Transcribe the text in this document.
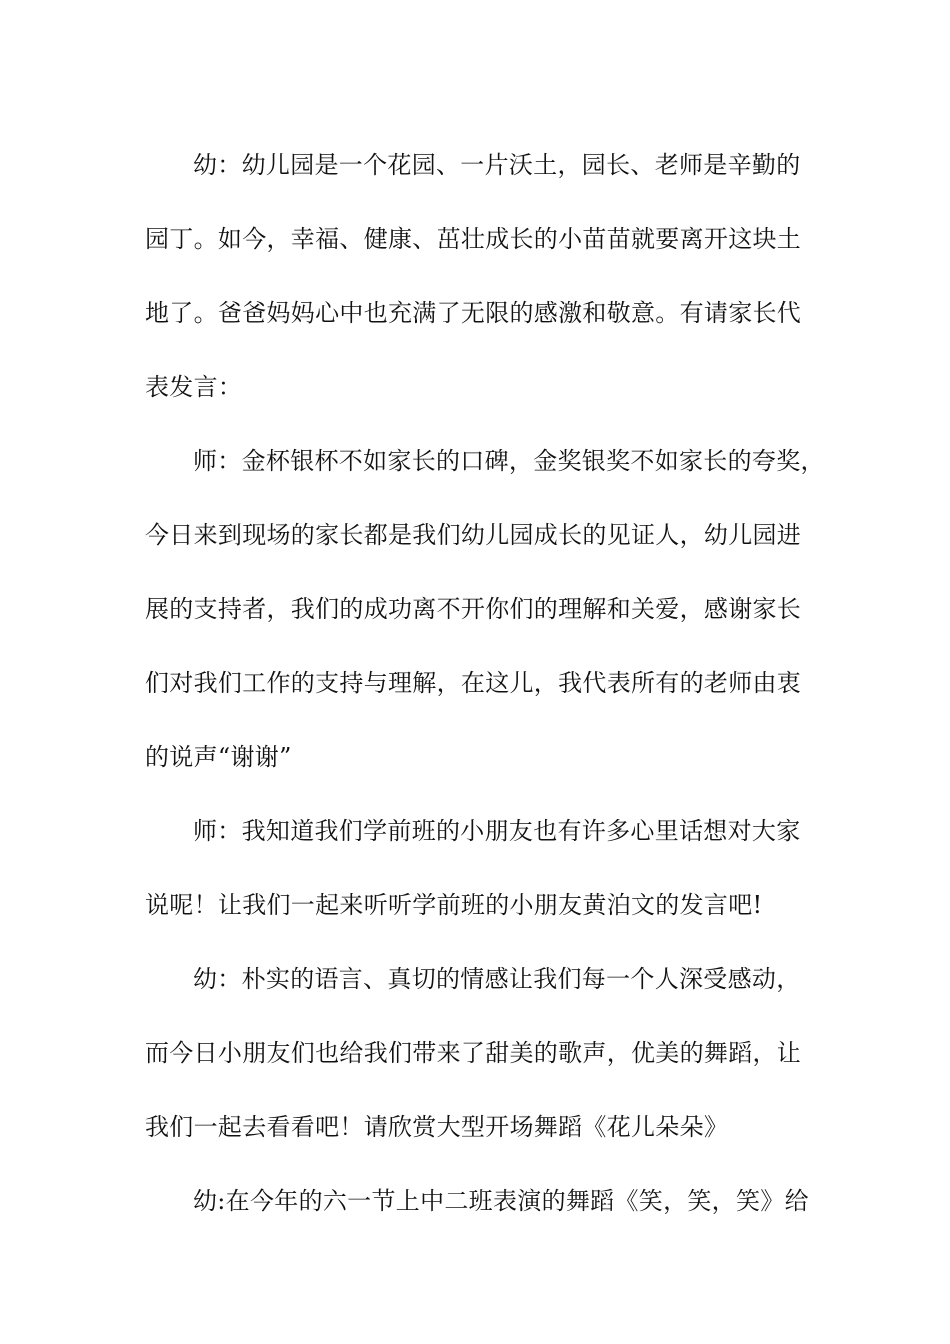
幼：幼儿园是一个花园、一片沃土，园长、老师是辛勤的
园丁。如今，幸福、健康、茁壮成长的小苗苗就要离开这块土
地了。爸爸妈妈心中也充满了无限的感激和敬意。有请家长代
表发言：
师：金杯银杯不如家长的口碑，金奖银奖不如家长的夸奖，
今日来到现场的家长都是我们幼儿园成长的见证人，幼儿园进
展的支持者，我们的成功离不开你们的理解和关爱，感谢家长
们对我们工作的支持与理解，在这儿，我代表所有的老师由衷
的说声“谢谢”
师：我知道我们学前班的小朋友也有许多心里话想对大家
说呢！让我们一起来听听学前班的小朋友黄泊文的发言吧!
幼：朴实的语言、真切的情感让我们每一个人深受感动，
而今日小朋友们也给我们带来了甜美的歌声，优美的舞蹈，让
我们一起去看看吧！请欣赏大型开场舞蹈《花儿朵朵》
幼:在今年的六一节上中二班表演的舞蹈《笑，笑，笑》给
